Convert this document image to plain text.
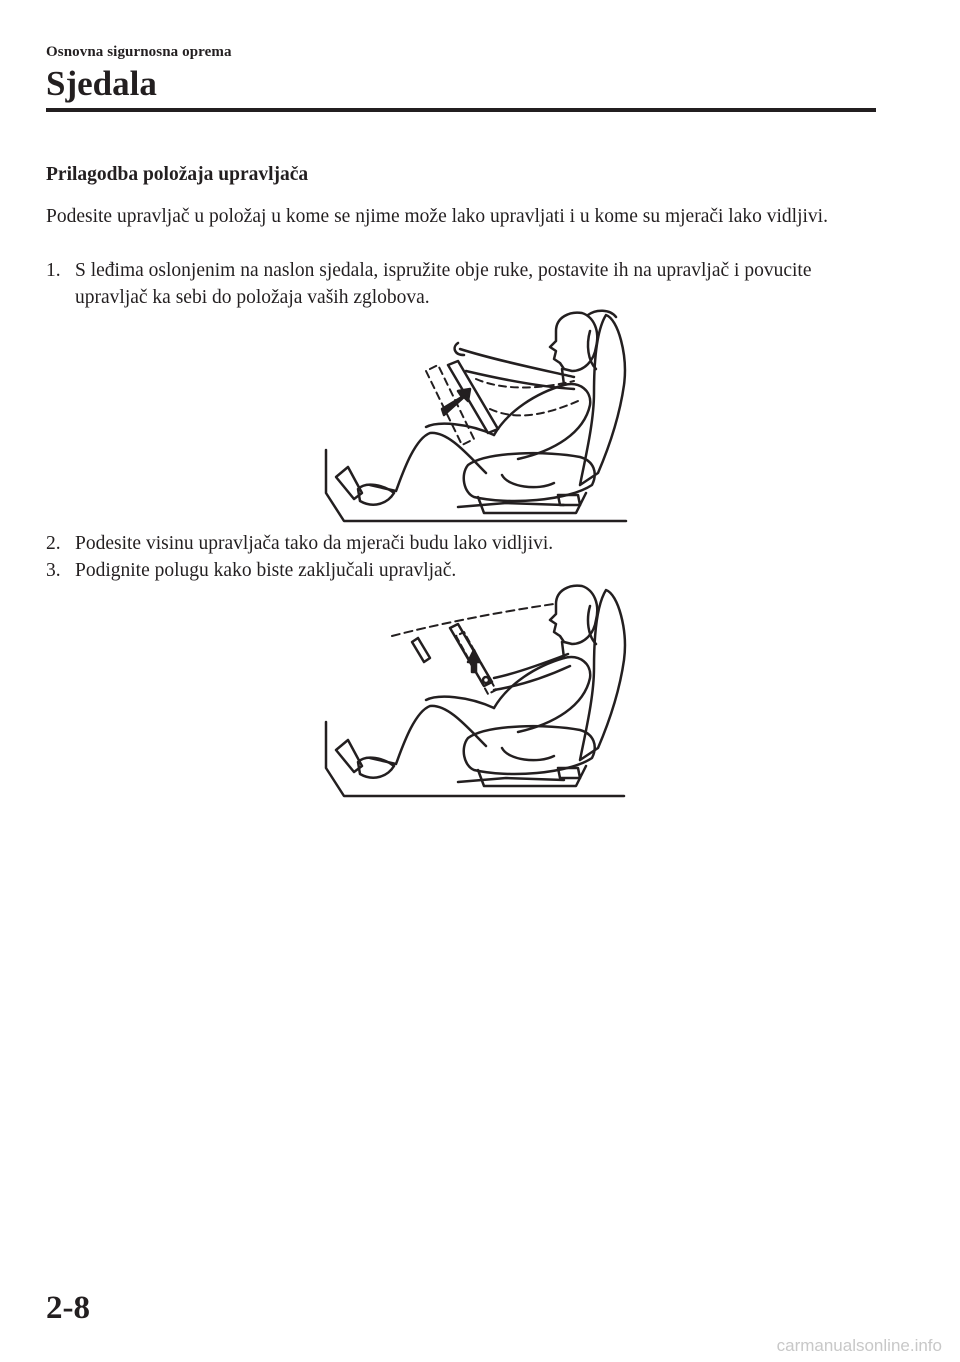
Osnovna sigurnosna oprema
Sjedala
Prilagodba položaja upravljača
Podesite upravljač u položaj u kome se njime može lako upravljati i u kome su mjerači lako vidljivi.
1. S leđima oslonjenim na naslon sjedala, ispružite obje ruke, postavite ih na upravljač i povucite upravljač ka sebi do položaja vaših zglobova.
2. Podesite visinu upravljača tako da mjerači budu lako vidljivi.
3. Podignite polugu kako biste zaključali upravljač.
2-8
carmanualsonline.info
